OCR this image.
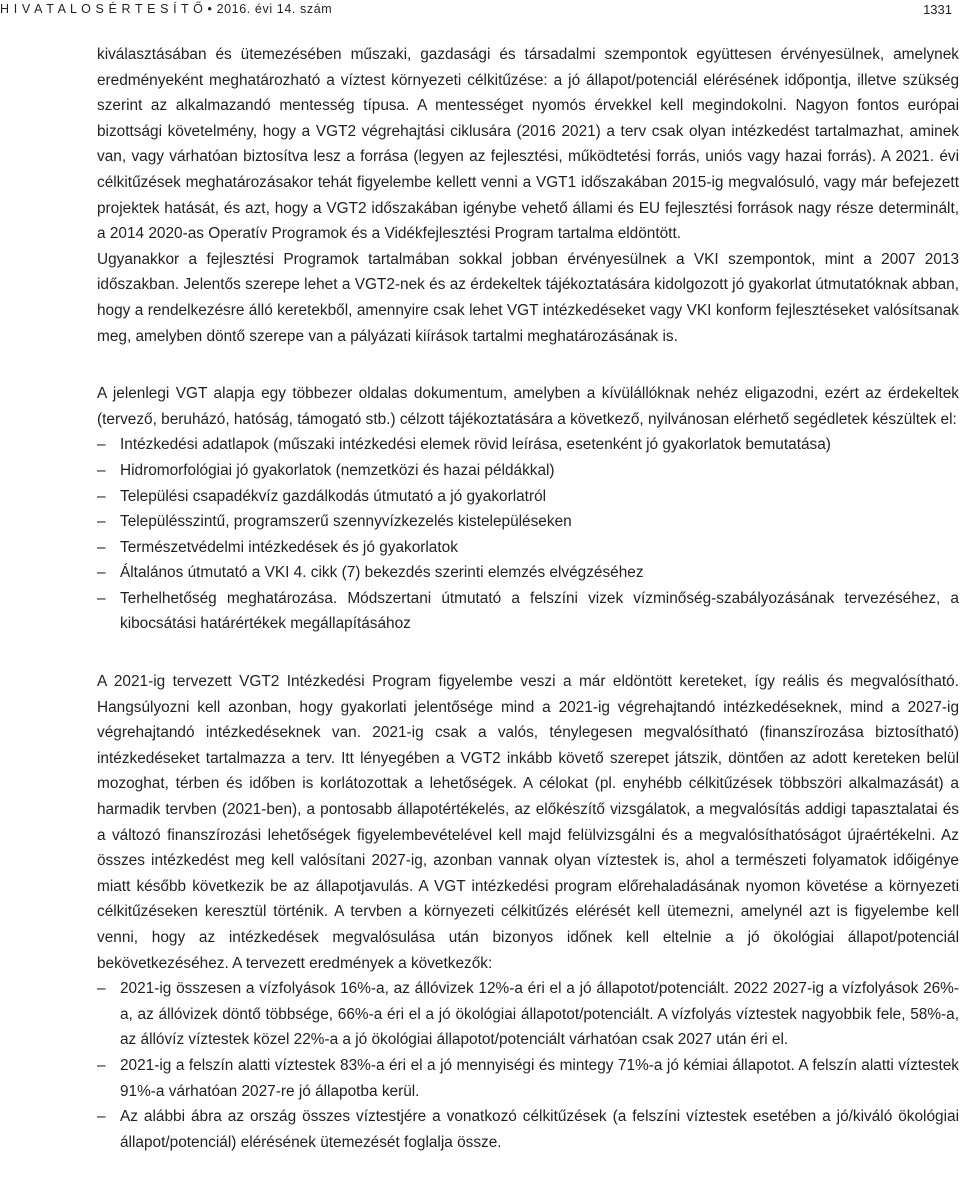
H I V A T A L O S É R T E S Í T Ő • 2016. évi 14. szám	1331

kiválasztásában és ütemezésében műszaki, gazdasági és társadalmi szempontok együttesen érvényesülnek, amelynek eredményeként meghatározható a víztest környezeti célkitűzése: a jó állapot/potenciál elérésének időpontja, illetve szükség szerint az alkalmazandó mentesség típusa. A mentességet nyomós érvekkel kell megindokolni. Nagyon fontos európai bizottsági követelmény, hogy a VGT2 végrehajtási ciklusára (2016 2021) a terv csak olyan intézkedést tartalmazhat, aminek van, vagy várhatóan biztosítva lesz a forrása (legyen az fejlesztési, működtetési forrás, uniós vagy hazai forrás). A 2021. évi célkitűzések meghatározásakor tehát figyelembe kellett venni a VGT1 időszakában 2015-ig megvalósuló, vagy már befejezett projektek hatását, és azt, hogy a VGT2 időszakában igénybe vehető állami és EU fejlesztési források nagy része determinált, a 2014 2020-as Operatív Programok és a Vidékfejlesztési Program tartalma eldöntött.

Ugyanakkor a fejlesztési Programok tartalmában sokkal jobban érvényesülnek a VKI szempontok, mint a 2007 2013 időszakban. Jelentős szerepe lehet a VGT2-nek és az érdekeltek tájékoztatására kidolgozott jó gyakorlat útmutatóknak abban, hogy a rendelkezésre álló keretekből, amennyire csak lehet VGT intézkedéseket vagy VKI konform fejlesztéseket valósítsanak meg, amelyben döntő szerepe van a pályázati kiírások tartalmi meghatározásának is.

A jelenlegi VGT alapja egy többezer oldalas dokumentum, amelyben a kívülállóknak nehéz eligazodni, ezért az érdekeltek (tervező, beruházó, hatóság, támogató stb.) célzott tájékoztatására a következő, nyilvánosan elérhető segédletek készültek el:

– Intézkedési adatlapok (műszaki intézkedési elemek rövid leírása, esetenként jó gyakorlatok bemutatása)
– Hidromorfológiai jó gyakorlatok (nemzetközi és hazai példákkal)
– Települési csapadékvíz gazdálkodás útmutató a jó gyakorlatról
– Településszintű, programszerű szennyvízkezelés kistelepüléseken
– Természetvédelmi intézkedések és jó gyakorlatok
– Általános útmutató a VKI 4. cikk (7) bekezdés szerinti elemzés elvégzéséhez
– Terhelhetőség meghatározása. Módszertani útmutató a felszíni vizek vízminőség-szabályozásának tervezéséhez, a kibocsátási határértékek megállapításához

A 2021-ig tervezett VGT2 Intézkedési Program figyelembe veszi a már eldöntött kereteket, így reális és megvalósítható. Hangsúlyozni kell azonban, hogy gyakorlati jelentősége mind a 2021-ig végrehajtandó intézkedéseknek, mind a 2027-ig végrehajtandó intézkedéseknek van. 2021-ig csak a valós, ténylegesen megvalósítható (finanszírozása biztosítható) intézkedéseket tartalmazza a terv. Itt lényegében a VGT2 inkább követő szerepet játszik, döntően az adott kereteken belül mozoghat, térben és időben is korlátozottak a lehetőségek. A célokat (pl. enyhébb célkitűzések többszöri alkalmazását) a harmadik tervben (2021-ben), a pontosabb állapotértékelés, az előkészítő vizsgálatok, a megvalósítás addigi tapasztalatai és a változó finanszírozási lehetőségek figyelembevételével kell majd felülvizsgálni és a megvalósíthatóságot újraértékelni. Az összes intézkedést meg kell valósítani 2027-ig, azonban vannak olyan víztestek is, ahol a természeti folyamatok időigénye miatt később következik be az állapotjavulás. A VGT intézkedési program előrehaladásának nyomon követése a környezeti célkitűzéseken keresztül történik. A tervben a környezeti célkitűzés elérését kell ütemezni, amelynél azt is figyelembe kell venni, hogy az intézkedések megvalósulása után bizonyos időnek kell eltelnie a jó ökológiai állapot/potenciál bekövetkezéséhez. A tervezett eredmények a következők:

– 2021-ig összesen a vízfolyások 16%-a, az állóvizek 12%-a éri el a jó állapotot/potenciált. 2022 2027-ig a vízfolyások 26%-a, az állóvizek döntő többsége, 66%-a éri el a jó ökológiai állapotot/potenciált. A vízfolyás víztestek nagyobbik fele, 58%-a, az állóvíz víztestek közel 22%-a a jó ökológiai állapotot/potenciált várhatóan csak 2027 után éri el.
– 2021-ig a felszín alatti víztestek 83%-a éri el a jó mennyiségi és mintegy 71%-a jó kémiai állapotot. A felszín alatti víztestek 91%-a várhatóan 2027-re jó állapotba kerül.
– Az alábbi ábra az ország összes víztestjére a vonatkozó célkitűzések (a felszíni víztestek esetében a jó/kiváló ökológiai állapot/potenciál) elérésének ütemezését foglalja össze.
